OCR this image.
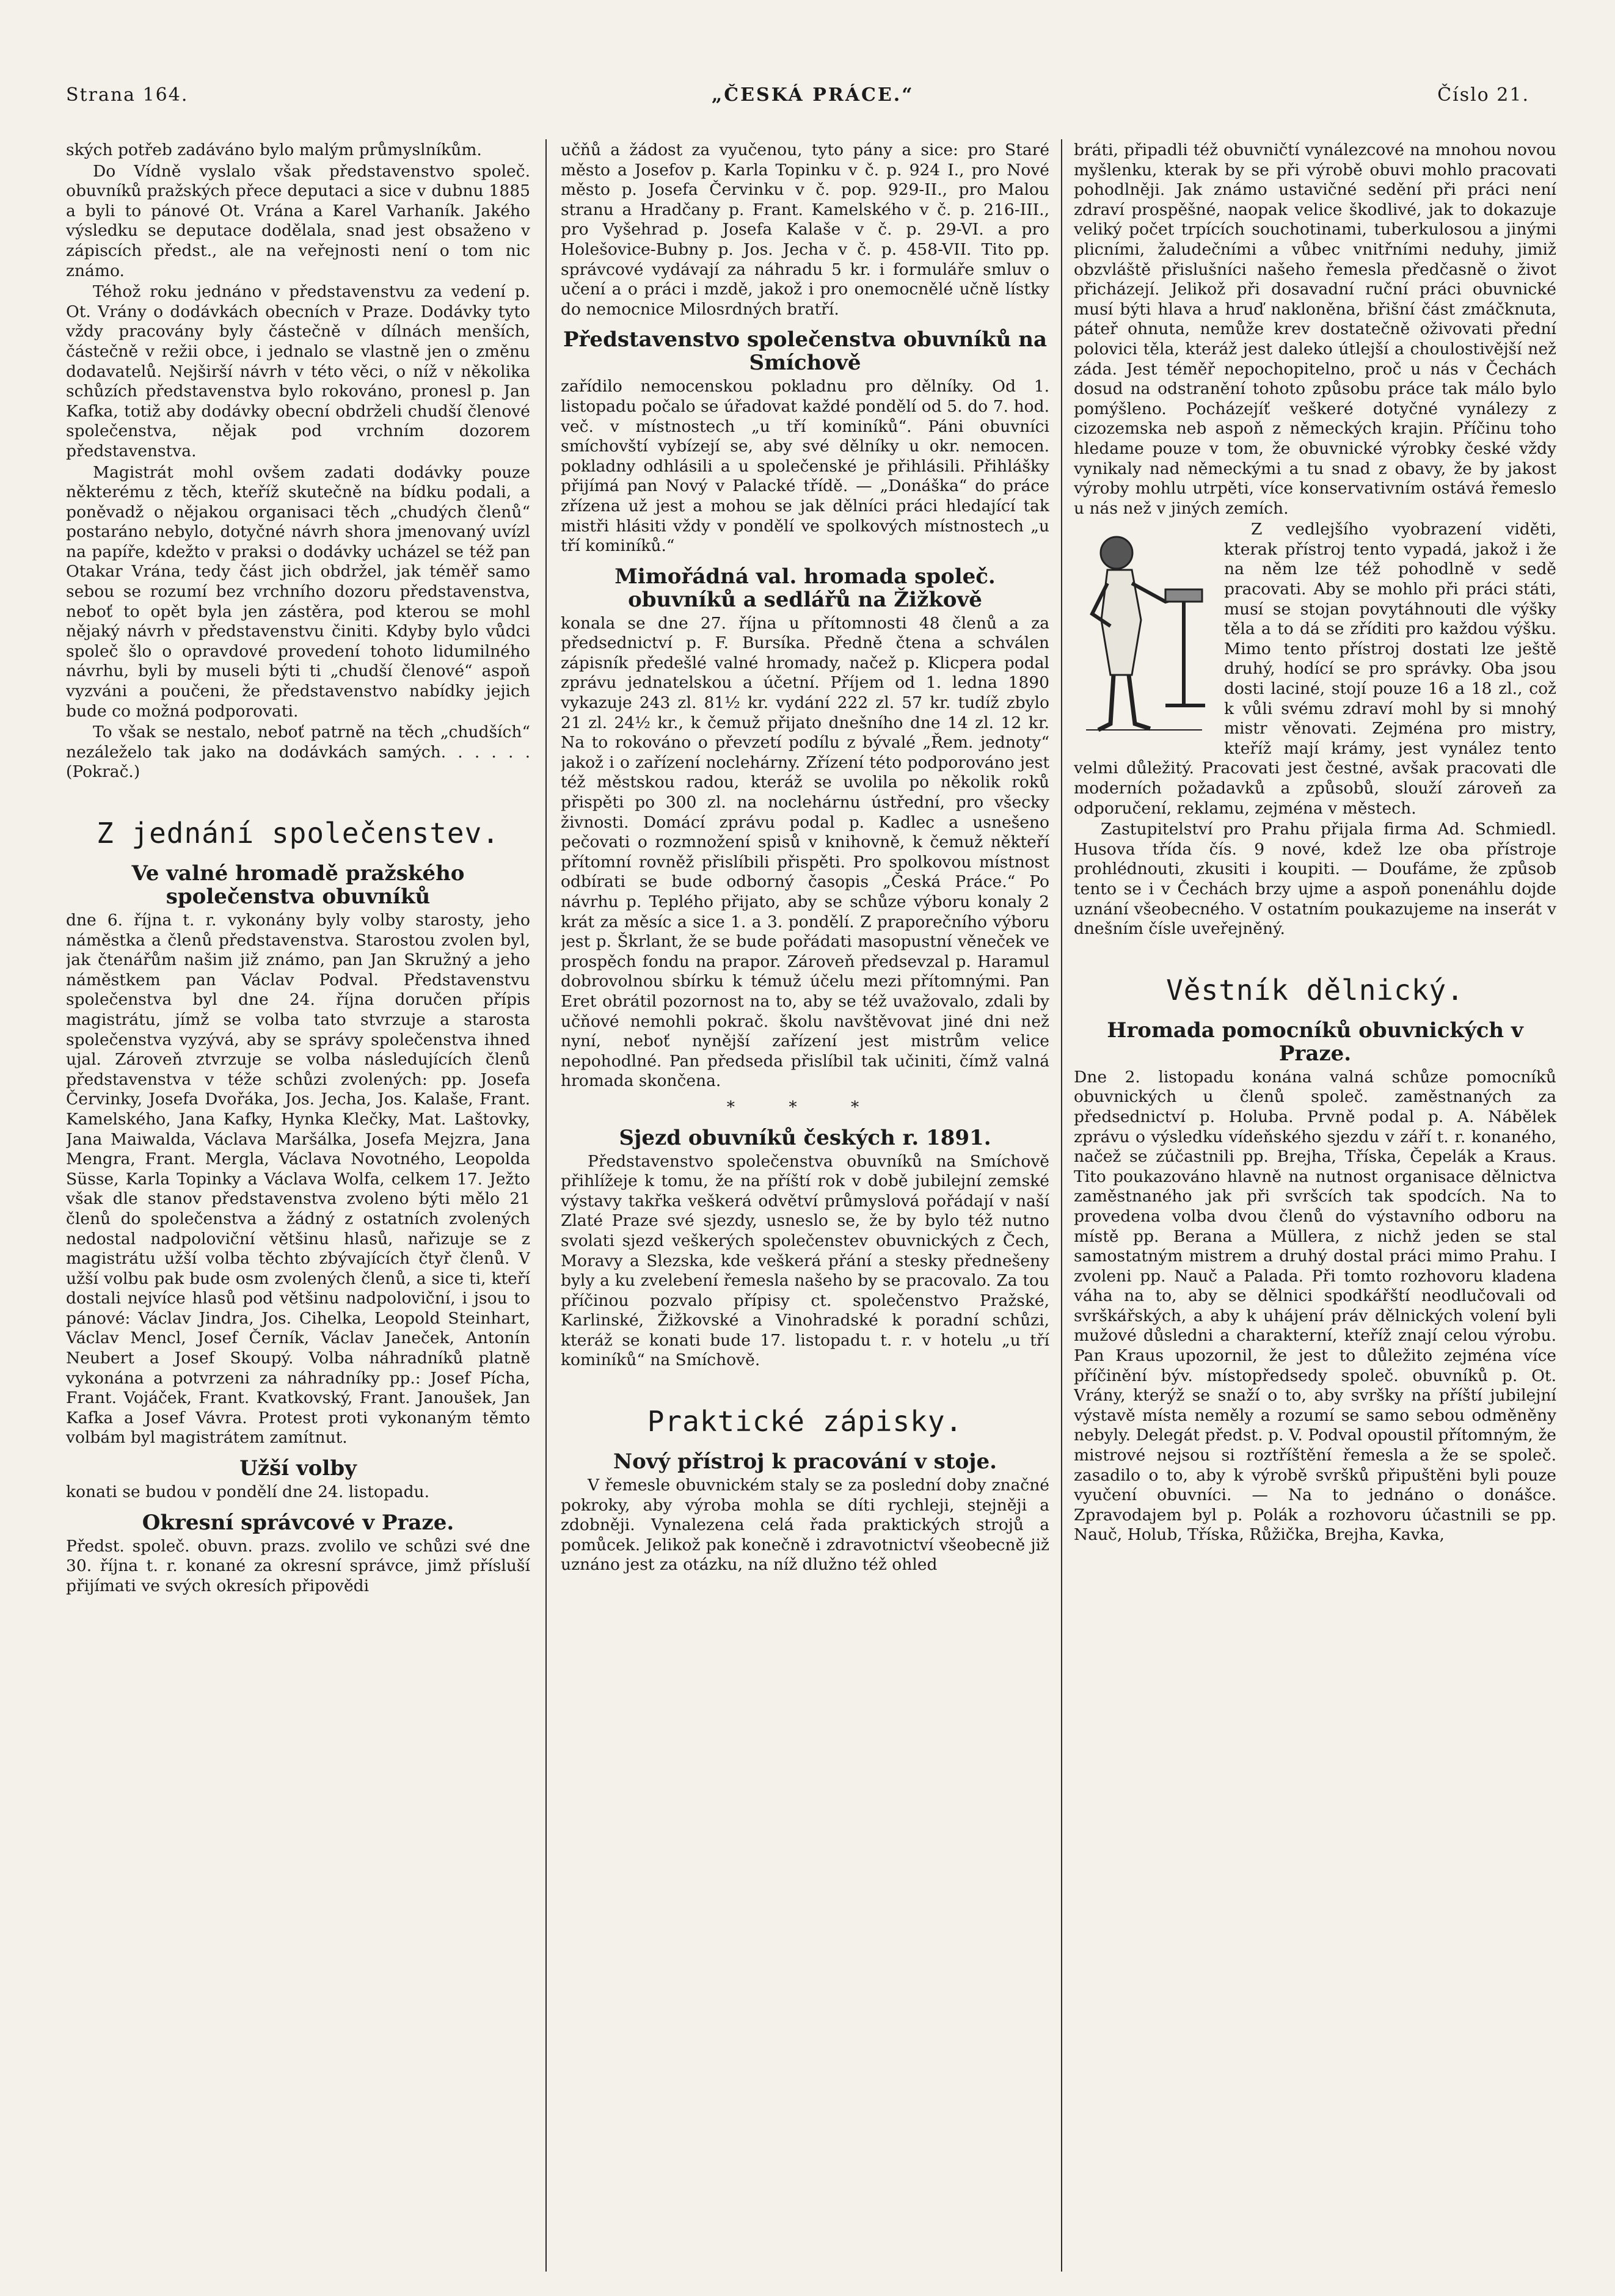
Strana 164.	„ČESKÁ PRÁCE.“	Číslo 21.

ských potřeb zadáváno bylo malým průmyslníkům.

Do Vídně vyslalo však představenstvo společ. obuvníků pražských přece deputaci a sice v dubnu 1885 a byli to pánové Ot. Vrána a Karel Varhaník. Jakého výsledku se deputace dodělala, snad jest obsaženo v zápiscích předst., ale na veřejnosti není o tom nic známo.

Téhož roku jednáno v představenstvu za vedení p. Ot. Vrány o dodávkách obecních v Praze. Dodávky tyto vždy pracovány byly částečně v dílnách menších, částečně v režii obce, i jednalo se vlastně jen o změnu dodavatelů. Nejširší návrh v této věci, o níž v několika schůzích představenstva bylo rokováno, pronesl p. Jan Kafka, totiž aby dodávky obecní obdrželi chudší členové společenstva, nějak pod vrchním dozorem představenstva.

Magistrát mohl ovšem zadati dodávky pouze některému z těch, kteříž skutečně na bídku podali, a poněvadž o nějakou organisaci těch „chudých členů“ postaráno nebylo, dotyčné návrh shora jmenovaný uvízl na papíře, kdežto v praksi o dodávky ucházel se též pan Otakar Vrána, tedy část jich obdržel, jak téměř samo sebou se rozumí bez vrchního dozoru představenstva, neboť to opět byla jen zástěra, pod kterou se mohl nějaký návrh v představenstvu činiti. Kdyby bylo vůdci společ šlo o opravdové provedení tohoto lidumilného návrhu, byli by museli býti ti „chudší členové“ aspoň vyzváni a poučeni, že představenstvo nabídky jejich bude co možná podporovati.

To však se nestalo, neboť patrně na těch „chudších“ nezáleželo tak jako na dodávkách samých. . . . . . (Pokrač.)

Z jednání společenstev.
Ve valné hromadě pražského společenstva obuvníků

dne 6. října t. r. vykonány byly volby starosty, jeho náměstka a členů představenstva. Starostou zvolen byl, jak čtenářům našim již známo, pan Jan Skružný a jeho náměstkem pan Václav Podval. Představenstvu společenstva byl dne 24. října doručen přípis magistrátu, jímž se volba tato stvrzuje a starosta společenstva vyzývá, aby se správy společenstva ihned ujal. Zároveň ztvrzuje se volba následujících členů představenstva v téže schůzi zvolených: pp. Josefa Červinky, Josefa Dvořáka, Jos. Jecha, Jos. Kalaše, Frant. Kamelského, Jana Kafky, Hynka Klečky, Mat. Laštovky, Jana Maiwalda, Václava Maršálka, Josefa Mejzra, Jana Mengra, Frant. Mergla, Václava Novotného, Leopolda Süsse, Karla Topinky a Václava Wolfa, celkem 17. Ježto však dle stanov představenstva zvoleno býti mělo 21 členů do společenstva a žádný z ostatních zvolených nedostal nadpoloviční většinu hlasů, nařizuje se z magistrátu užší volba těchto zbývajících čtyř členů. V užší volbu pak bude osm zvolených členů, a sice ti, kteří dostali nejvíce hlasů pod většinu nadpoloviční, i jsou to pánové: Václav Jindra, Jos. Cihelka, Leopold Steinhart, Václav Mencl, Josef Černík, Václav Janeček, Antonín Neubert a Josef Skoupý. Volba náhradníků platně vykonána a potvrzeni za náhradníky pp.: Josef Pícha, Frant. Vojáček, Frant. Kvatkovský, Frant. Janoušek, Jan Kafka a Josef Vávra. Protest proti vykonaným těmto volbám byl magistrátem zamítnut.

Užší volby

konati se budou v pondělí dne 24. listopadu.

Okresní správcové v Praze.

Předst. společ. obuvn. prazs. zvolilo ve schůzi své dne 30. října t. r. konané za okresní správce, jimž přísluší přijímati ve svých okresích připovědi

učňů a žádost za vyučenou, tyto pány a sice: pro Staré město a Josefov p. Karla Topinku v č. p. 924 I., pro Nové město p. Josefa Červinku v č. pop. 929-II., pro Malou stranu a Hradčany p. Frant. Kamelského v č. p. 216-III., pro Vyšehrad p. Josefa Kalaše v č. p. 29-VI. a pro Holešovice-Bubny p. Jos. Jecha v č. p. 458-VII. Tito pp. správcové vydávají za náhradu 5 kr. i formuláře smluv o učení a o práci i mzdě, jakož i pro onemocnělé učně lístky do nemocnice Milosrdných bratří.

Představenstvo společenstva obuvníků na Smíchově

zařídilo nemocenskou pokladnu pro dělníky. Od 1. listopadu počalo se úřadovat každé pondělí od 5. do 7. hod. več. v místnostech „u tří kominíků“. Páni obuvníci smíchovští vybízejí se, aby své dělníky u okr. nemocen. pokladny odhlásili a u společenské je přihlásili. Přihlášky přijímá pan Nový v Palacké třídě. — „Donáška“ do práce zřízena už jest a mohou se jak dělníci práci hledající tak mistři hlásiti vždy v pondělí ve spolkových místnostech „u tří kominíků.“

Mimořádná val. hromada společ. obuvníků a sedlářů na Žižkově

konala se dne 27. října u přítomnosti 48 členů a za předsednictví p. F. Bursíka. Předně čtena a schválen zápisník předešlé valné hromady, načež p. Klicpera podal zprávu jednatelskou a účetní. Příjem od 1. ledna 1890 vykazuje 243 zl. 81½ kr. vydání 222 zl. 57 kr. tudíž zbylo 21 zl. 24½ kr., k čemuž přijato dnešního dne 14 zl. 12 kr. Na to rokováno o převzetí podílu z bývalé „Řem. jednoty“ jakož i o zařízení noclehárny. Zřízení této podporováno jest též městskou radou, kteráž se uvolila po několik roků přispěti po 300 zl. na noclehárnu ústřední, pro všecky živnosti. Domácí zprávu podal p. Kadlec a usnešeno pečovati o rozmnožení spisů v knihovně, k čemuž někteří přítomní rovněž přislíbili přispěti. Pro spolkovou místnost odbírati se bude odborný časopis „Česká Práce.“ Po návrhu p. Teplého přijato, aby se schůze výboru konaly 2 krát za měsíc a sice 1. a 3. pondělí. Z praporečního výboru jest p. Škrlant, že se bude pořádati masopustní věneček ve prospěch fondu na prapor. Zároveň předsevzal p. Haramul dobrovolnou sbírku k témuž účelu mezi přítomnými. Pan Eret obrátil pozornost na to, aby se též uvažovalo, zdali by učňové nemohli pokrač. školu navštěvovat jiné dni než nyní, neboť nynější zařízení jest mistrům velice nepohodlné. Pan předseda přislíbil tak učiniti, čímž valná hromada skončena.

* * *
Sjezd obuvníků českých r. 1891.

Představenstvo společenstva obuvníků na Smíchově přihlížeje k tomu, že na příští rok v době jubilejní zemské výstavy takřka veškerá odvětví průmyslová pořádají v naší Zlaté Praze své sjezdy, usneslo se, že by bylo též nutno svolati sjezd veškerých společenstev obuvnických z Čech, Moravy a Slezska, kde veškerá přání a stesky přednešeny byly a ku zvelebení řemesla našeho by se pracovalo. Za tou příčinou pozvalo přípisy ct. společenstvo Pražské, Karlinské, Žižkovské a Vinohradské k poradní schůzi, kteráž se konati bude 17. listopadu t. r. v hotelu „u tří kominíků“ na Smíchově.

Praktické zápisky.
Nový přístroj k pracování v stoje.

V řemesle obuvnickém staly se za poslední doby značné pokroky, aby výroba mohla se díti rychleji, stejněji a zdobněji. Vynalezena celá řada praktických strojů a pomůcek. Jelikož pak konečně i zdravotnictví všeobecně již uznáno jest za otázku, na níž dlužno též ohled

bráti, připadli též obuvničtí vynálezcové na mnohou novou myšlenku, kterak by se při výrobě obuvi mohlo pracovati pohodlněji. Jak známo ustavičné sedění při práci není zdraví prospěšné, naopak velice škodlivé, jak to dokazuje veliký počet trpících souchotinami, tuberkulosou a jinými plicními, žaludečními a vůbec vnitřními neduhy, jimiž obzvláště přislušníci našeho řemesla předčasně o život přicházejí. Jelikož při dosavadní ruční práci obuvnické musí býti hlava a hruď nakloněna, břišní část zmáčknuta, páteř ohnuta, nemůže krev dostatečně oživovati přední polovici těla, kteráž jest daleko útlejší a choulostivější než záda. Jest téměř nepochopitelno, proč u nás v Čechách dosud na odstranění tohoto způsobu práce tak málo bylo pomýšleno. Pocházejíť veškeré dotyčné vynálezy z cizozemska neb aspoň z německých krajin. Příčinu toho hledame pouze v tom, že obuvnické výrobky české vždy vynikaly nad německými a tu snad z obavy, že by jakost výroby mohlu utrpěti, více konservativním ostává řemeslo u nás než v jiných zemích.

Z vedlejšího vyobrazení viděti, kterak přístroj tento vypadá, jakož i že na něm lze též pohodlně v sedě pracovati. Aby se mohlo při práci státi, musí se stojan povytáhnouti dle výšky těla a to dá se zříditi pro každou výšku. Mimo tento přístroj dostati lze ještě druhý, hodící se pro správky. Oba jsou dosti laciné, stojí pouze 16 a 18 zl., což k vůli svému zdraví mohl by si mnohý mistr věnovati. Zejména pro mistry, kteříž mají krámy, jest vynález tento velmi důležitý. Pracovati jest čestné, avšak pracovati dle moderních požadavků a způsobů, slouží zároveň za odporučení, reklamu, zejména v městech.

Zastupitelství pro Prahu přijala firma Ad. Schmiedl. Husova třída čís. 9 nové, kdež lze oba přístroje prohlédnouti, zkusiti i koupiti. — Doufáme, že způsob tento se i v Čechách brzy ujme a aspoň ponenáhlu dojde uznání všeobecného. V ostatním poukazujeme na inserát v dnešním čísle uveřejněný.

Věstník dělnický.
Hromada pomocníků obuvnických v Praze.

Dne 2. listopadu konána valná schůze pomocníků obuvnických u členů společ. zaměstnaných za předsednictví p. Holuba. Prvně podal p. A. Nábělek zprávu o výsledku vídeňského sjezdu v září t. r. konaného, načež se zúčastnili pp. Brejha, Tříska, Čepelák a Kraus. Tito poukazováno hlavně na nutnost organisace dělnictva zaměstnaného jak při svršcích tak spodcích. Na to provedena volba dvou členů do výstavního odboru na místě pp. Berana a Müllera, z nichž jeden se stal samostatným mistrem a druhý dostal práci mimo Prahu. I zvoleni pp. Nauč a Palada. Při tomto rozhovoru kladena váha na to, aby se dělnici spodkářští neodlučovali od svrškářských, a aby k uhájení práv dělnických volení byli mužové důsledni a charakterní, kteříž znají celou výrobu. Pan Kraus upozornil, že jest to důležito zejména více příčinění býv. místopředsedy společ. obuvníků p. Ot. Vrány, kterýž se snaží o to, aby svršky na příští jubilejní výstavě místa neměly a rozumí se samo sebou odměněny nebyly. Delegát předst. p. V. Podval opoustil přítomným, že mistrové nejsou si roztříštění řemesla a že se společ. zasadilo o to, aby k výrobě svršků připuštěni byli pouze vyučení obuvníci. — Na to jednáno o donášce. Zpravodajem byl p. Polák a rozhovoru účastnili se pp. Nauč, Holub, Tříska, Růžička, Brejha, Kavka,
